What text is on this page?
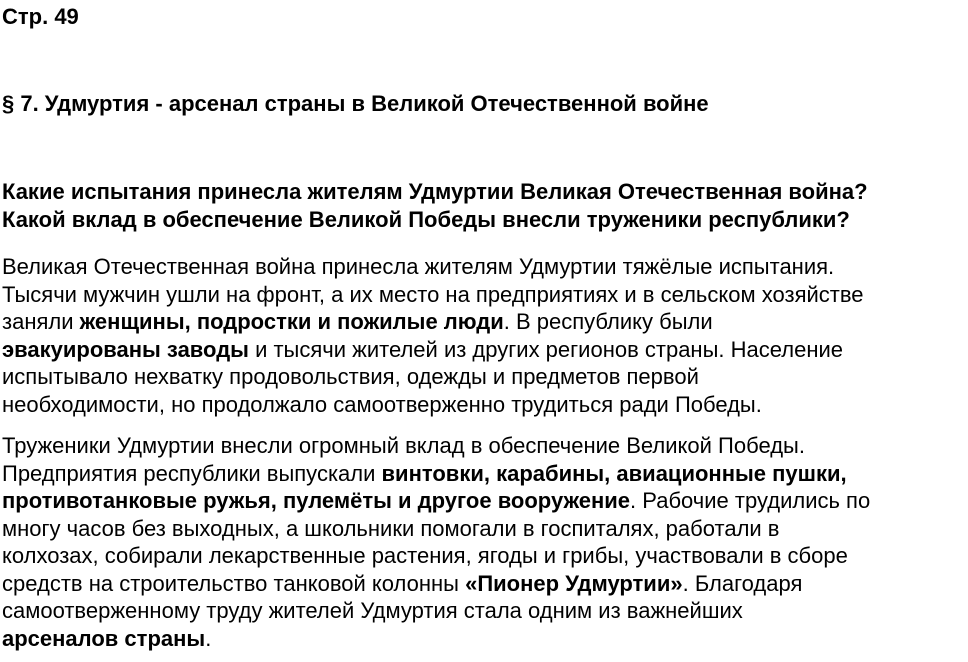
Стр. 49
§ 7. Удмуртия - арсенал страны в Великой Отечественной войне
Какие испытания принесла жителям Удмуртии Великая Отечественная война?
Какой вклад в обеспечение Великой Победы внесли труженики республики?
Великая Отечественная война принесла жителям Удмуртии тяжёлые испытания.
Тысячи мужчин ушли на фронт, а их место на предприятиях и в сельском хозяйстве
заняли женщины, подростки и пожилые люди. В республику были
эвакуированы заводы и тысячи жителей из других регионов страны. Население
испытывало нехватку продовольствия, одежды и предметов первой
необходимости, но продолжало самоотверженно трудиться ради Победы.
Труженики Удмуртии внесли огромный вклад в обеспечение Великой Победы.
Предприятия республики выпускали винтовки, карабины, авиационные пушки,
противотанковые ружья, пулемёты и другое вооружение. Рабочие трудились по
многу часов без выходных, а школьники помогали в госпиталях, работали в
колхозах, собирали лекарственные растения, ягоды и грибы, участвовали в сборе
средств на строительство танковой колонны «Пионер Удмуртии». Благодаря
самоотверженному труду жителей Удмуртия стала одним из важнейших
арсеналов страны.
